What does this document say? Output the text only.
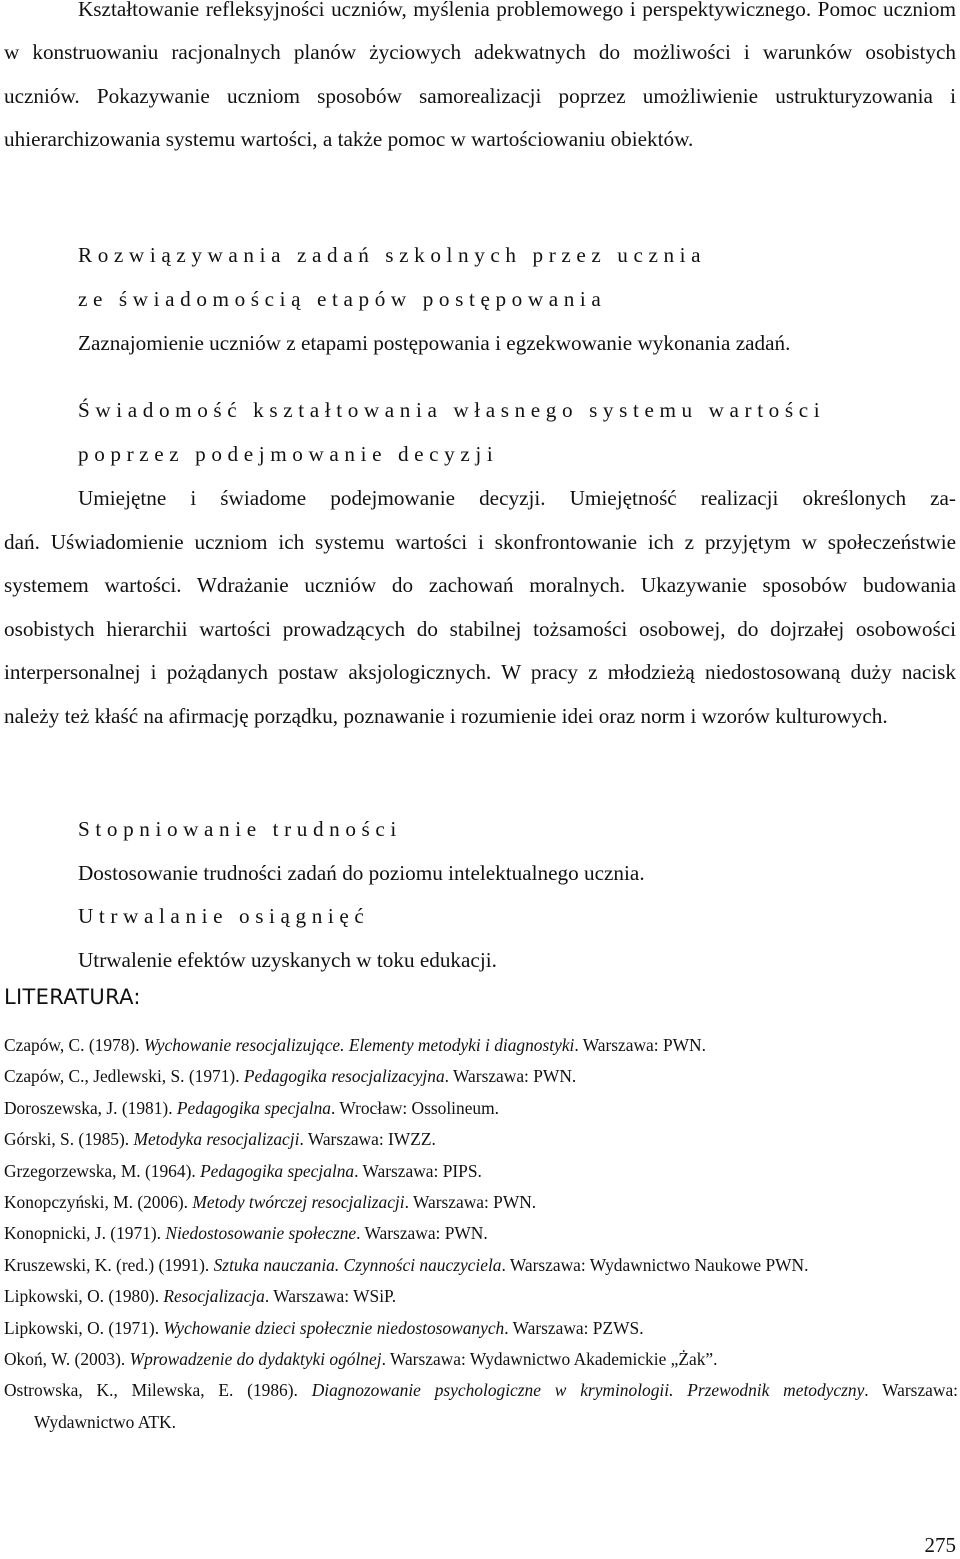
Kształtowanie refleksyjności uczniów, myślenia problemowego i perspektywicznego. Pomoc uczniom w konstruowaniu racjonalnych planów życiowych adekwatnych do możliwości i warunków osobistych uczniów. Pokazywanie uczniom sposobów samorealizacji poprzez umożliwienie ustrukturyzowania i uhierarchizowania systemu wartości, a także pomoc w wartościowaniu obiektów.

Rozwiązywania zadań szkolnych przez ucznia

ze świadomością etapów postępowania

Zaznajomienie uczniów z etapami postępowania i egzekwowanie wykonania zadań.

Świadomość kształtowania własnego systemu wartości

poprzez podejmowanie decyzji

Umiejętne i świadome podejmowanie decyzji. Umiejętność realizacji określonych za-

dań. Uświadomienie uczniom ich systemu wartości i skonfrontowanie ich z przyjętym w społeczeństwie systemem wartości. Wdrażanie uczniów do zachowań moralnych. Ukazywanie sposobów budowania osobistych hierarchii wartości prowadzących do stabilnej tożsamości osobowej, do dojrzałej osobowości interpersonalnej i pożądanych postaw aksjologicznych. W pracy z młodzieżą niedostosowaną duży nacisk należy też kłaść na afirmację porządku, poznawanie i rozumienie idei oraz norm i wzorów kulturowych.

Stopniowanie trudności

Dostosowanie trudności zadań do poziomu intelektualnego ucznia.

Utrwalanie osiągnięć

Utrwalenie efektów uzyskanych w toku edukacji.

LITERATURA:

Czapów, C. (1978). Wychowanie resocjalizujące. Elementy metodyki i diagnostyki. Warszawa: PWN.
Czapów, C., Jedlewski, S. (1971). Pedagogika resocjalizacyjna. Warszawa: PWN.
Doroszewska, J. (1981). Pedagogika specjalna. Wrocław: Ossolineum.
Górski, S. (1985). Metodyka resocjalizacji. Warszawa: IWZZ.
Grzegorzewska, M. (1964). Pedagogika specjalna. Warszawa: PIPS.
Konopczyński, M. (2006). Metody twórczej resocjalizacji. Warszawa: PWN.
Konopnicki, J. (1971). Niedostosowanie społeczne. Warszawa: PWN.
Kruszewski, K. (red.) (1991). Sztuka nauczania. Czynności nauczyciela. Warszawa: Wydawnictwo Naukowe PWN.
Lipkowski, O. (1980). Resocjalizacja. Warszawa: WSiP.
Lipkowski, O. (1971). Wychowanie dzieci społecznie niedostosowanych. Warszawa: PZWS.
Okoń, W. (2003). Wprowadzenie do dydaktyki ogólnej. Warszawa: Wydawnictwo Akademickie „Żak”.
Ostrowska, K., Milewska, E. (1986). Diagnozowanie psychologiczne w kryminologii. Przewodnik metodyczny. Warszawa: Wydawnictwo ATK.

275
